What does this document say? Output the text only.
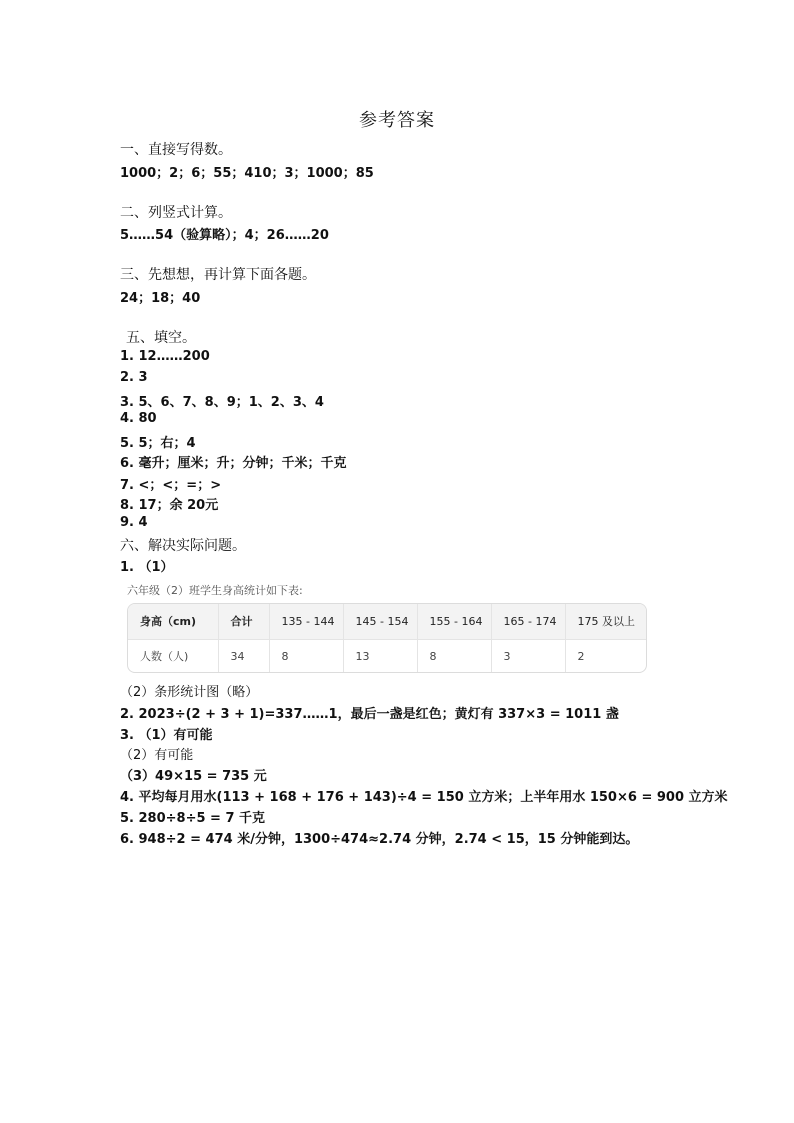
参考答案
一、直接写得数。
1000；2；6；55；410；3；1000；85
二、列竖式计算。
5……54（验算略）；4；26……20
三、先想想，再计算下面各题。
24；18；40
五、填空。
1. 12……200
2. 3
3. 5、6、7、8、9；1、2、3、4
4. 80
5. 5；右；4
6. 毫升；厘米；升；分钟；千米；千克
7. <；<；=；>
8. 17；余 20元
9. 4
六、解决实际问题。
1. （1）
六年级（2）班学生身高统计如下表:
身高（cm)	合计	135 - 144	145 - 154	155 - 164	165 - 174	175 及以上
人数（人)	34	8	13	8	3	2
（2）条形统计图（略）
2. 2023÷(2 + 3 + 1)=337……1，最后一盏是红色；黄灯有 337×3 = 1011 盏
3. （1）有可能
（2）有可能
（3）49×15 = 735 元
4. 平均每月用水(113 + 168 + 176 + 143)÷4 = 150 立方米；上半年用水 150×6 = 900 立方米
5. 280÷8÷5 = 7 千克
6. 948÷2 = 474 米/分钟，1300÷474≈2.74 分钟，2.74 < 15，15 分钟能到达。
